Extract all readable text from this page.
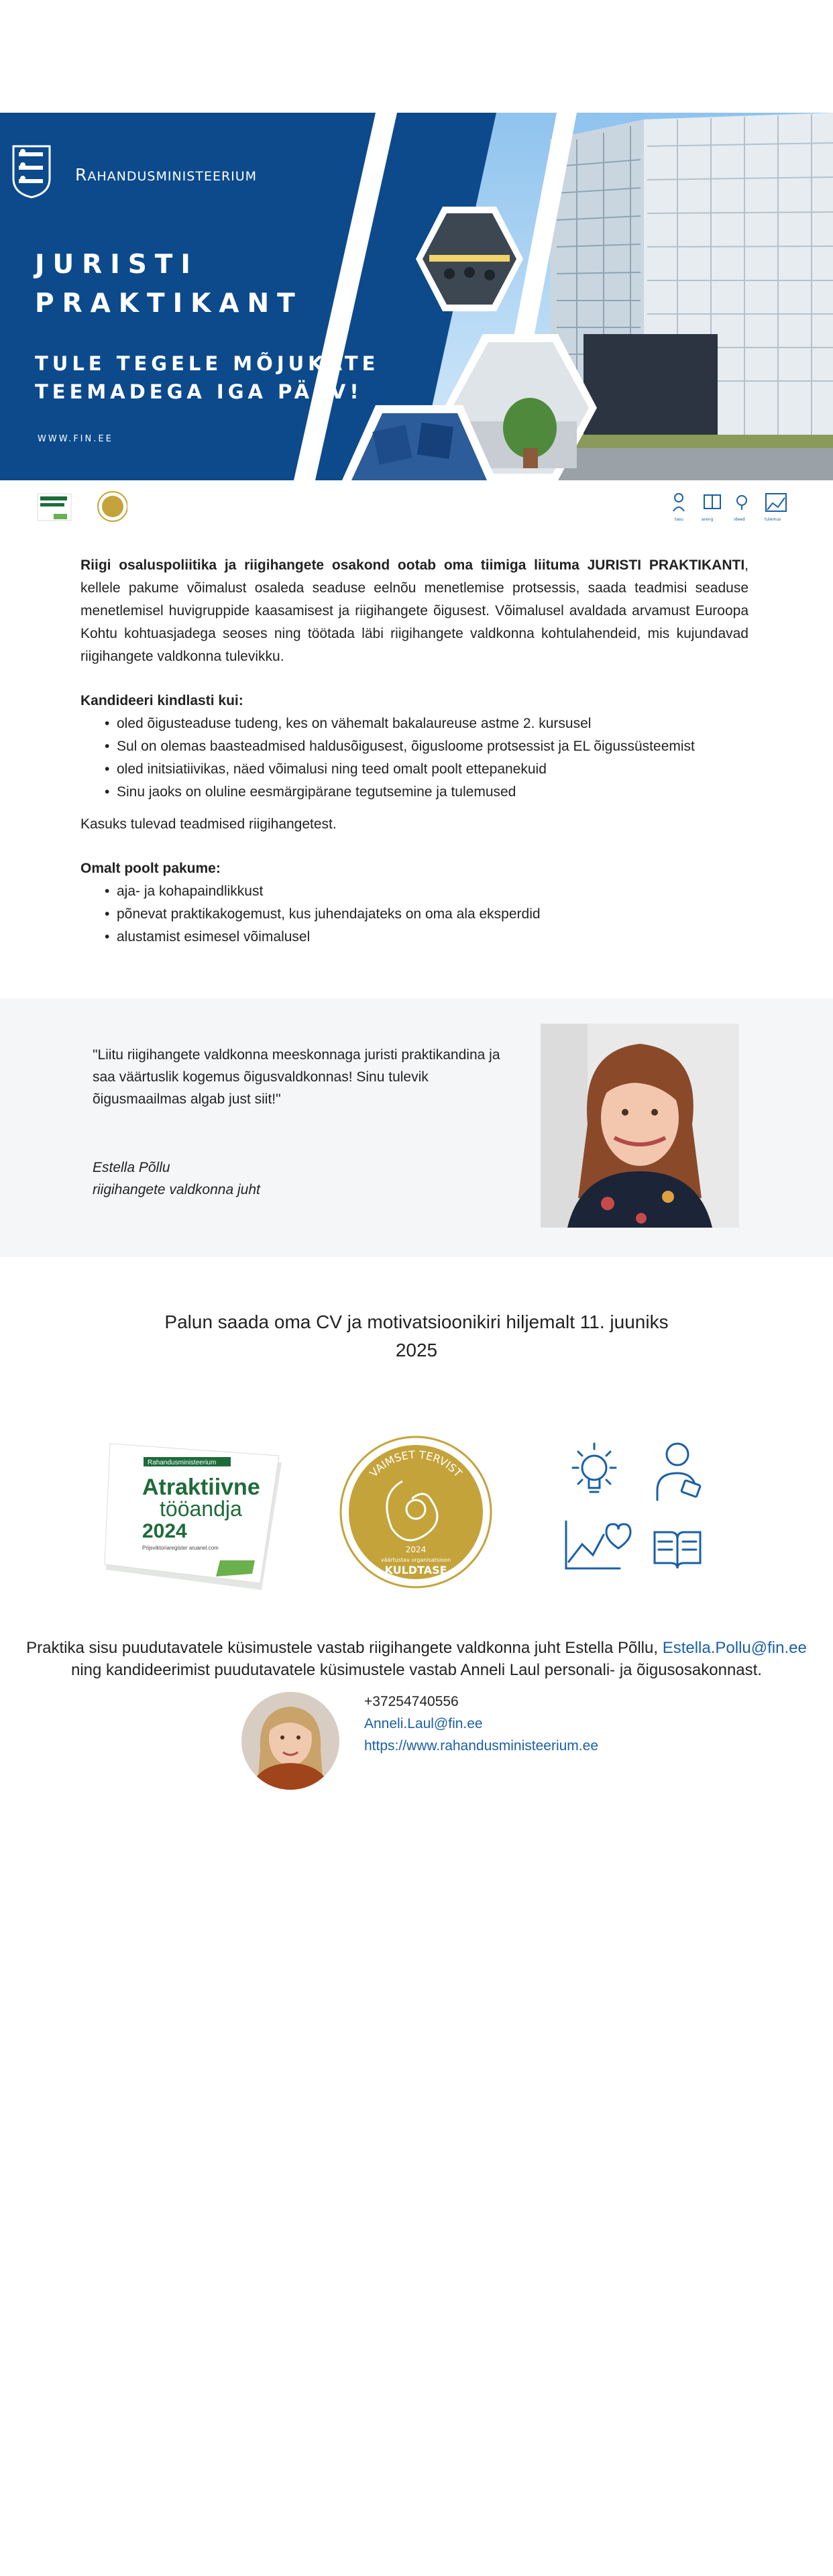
RAHANDUSMINISTEERIUM
JURISTI
PRAKTIKANT
TULE TEGELE MÕJUKATE
TEEMADEGA IGA PÄEV!
WWW.FIN.EE
tasu	areng	ideed	tulemus

Riigi osaluspoliitika ja riigihangete osakond ootab oma tiimiga liituma JURISTI PRAKTIKANTI, kellele pakume võimalust osaleda seaduse eelnõu menetlemise protsessis, saada teadmisi seaduse menetlemisel huvigruppide kaasamisest ja riigihangete õigusest. Võimalusel avaldada arvamust Euroopa Kohtu kohtuasjadega seoses ning töötada läbi riigihangete valdkonna kohtulahendeid, mis kujundavad riigihangete valdkonna tulevikku.

Kandideeri kindlasti kui:

• oled õigusteaduse tudeng, kes on vähemalt bakalaureuse astme 2. kursusel
• Sul on olemas baasteadmised haldusõigusest, õigusloome protsessist ja EL õigussüsteemist
• oled initsiatiivikas, näed võimalusi ning teed omalt poolt ettepanekuid
• Sinu jaoks on oluline eesmärgipärane tegutsemine ja tulemused

Kasuks tulevad teadmised riigihangetest.

Omalt poolt pakume:

• aja- ja kohapaindlikkust
• põnevat praktikakogemust, kus juhendajateks on oma ala eksperdid
• alustamist esimesel võimalusel

"Liitu riigihangete valdkonna meeskonnaga juristi praktikandina ja saa väärtuslik kogemus õigusvaldkonnas! Sinu tulevik õigusmaailmas algab just siit!"

Estella Põllu
riigihangete valdkonna juht

Palun saada oma CV ja motivatsioonikiri hiljemalt 11. juuniks 2025

Rahandusministeerium
Atraktiivne
tööandja
2024
Prijsviktoriaregister aruanel.com
VAIMSET TERVIST
2024
väärtustav organisatsioon
KULDTASE

Praktika sisu puudutavatele küsimustele vastab riigihangete valdkonna juht Estella Põllu, Estella.Pollu@fin.ee
ning kandideerimist puudutavatele küsimustele vastab Anneli Laul personali- ja õigusosakonnast.

+37254740556
Anneli.Laul@fin.ee
https://www.rahandusministeerium.ee
